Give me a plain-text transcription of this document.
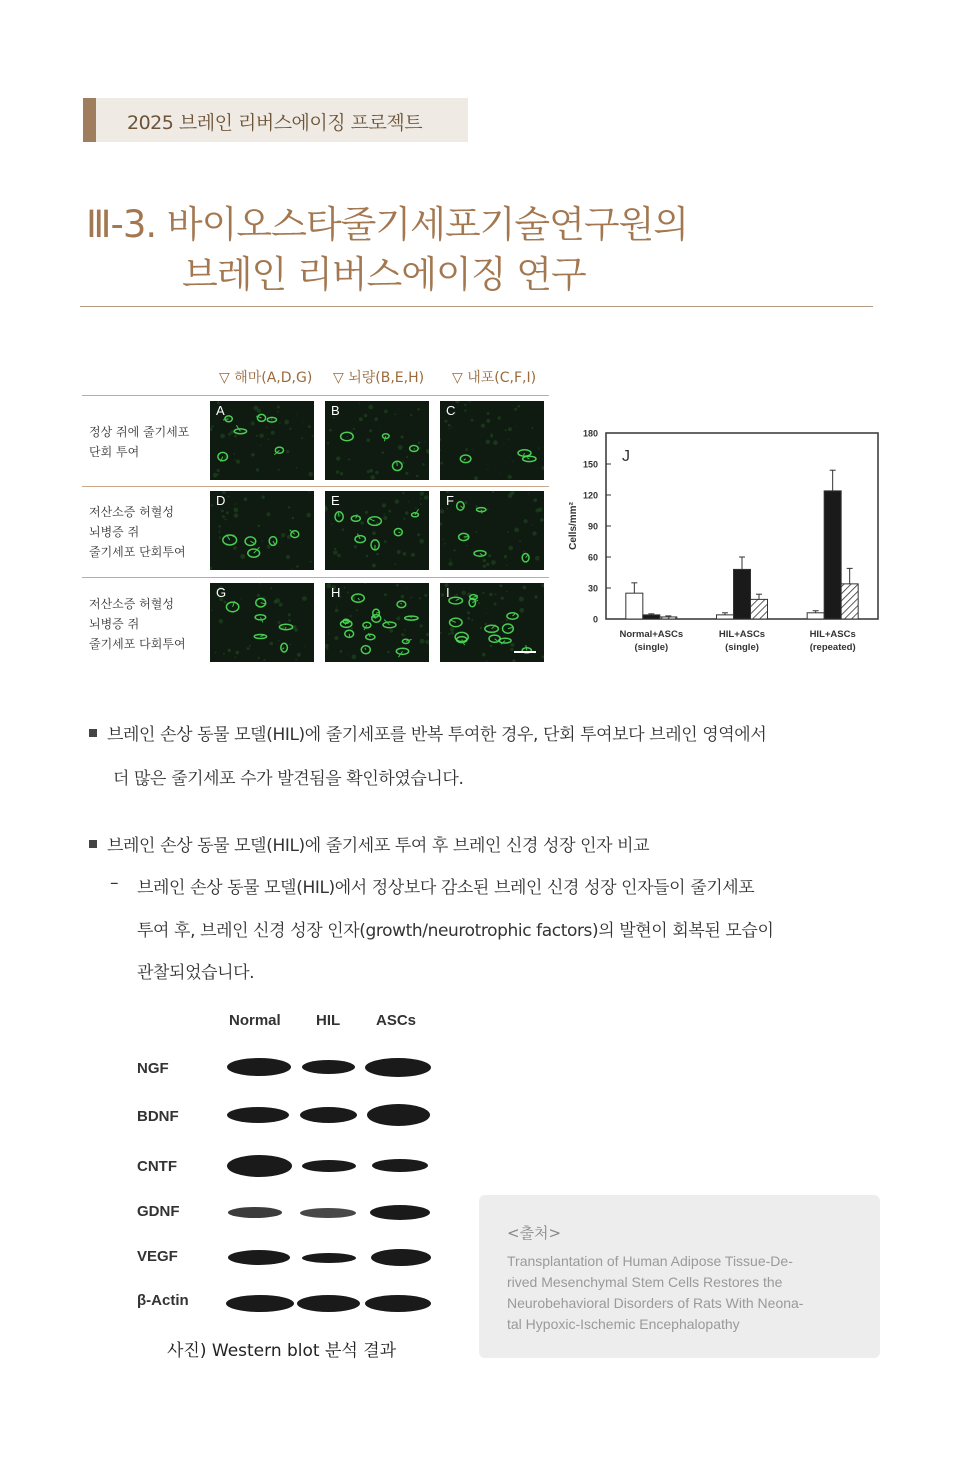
2025 브레인 리버스에이징 프로젝트
Ⅲ-3. 바이오스타줄기세포기술연구원의
브레인 리버스에이징 연구
▽ 해마(A,D,G) ▽ 뇌량(B,E,H) ▽ 내포(C,F,I)
정상 쥐에 줄기세포
단회 투여
저산소증 허혈성
뇌병증 쥐
줄기세포 단회투여
저산소증 허혈성
뇌병증 쥐
줄기세포 다회투여
A	B	C
D	E	F
G	H	I
0
30
60
90
120
150
180
Cells/mm²
J
Normal+ASCs
(single)
HIL+ASCs
(single)
HIL+ASCs
(repeated)
브레인 손상 동물 모델(HIL)에 줄기세포를 반복 투여한 경우, 단회 투여보다 브레인 영역에서
더 많은 줄기세포 수가 발견됨을 확인하였습니다.
브레인 손상 동물 모델(HIL)에 줄기세포 투여 후 브레인 신경 성장 인자 비교
– 브레인 손상 동물 모델(HIL)에서 정상보다 감소된 브레인 신경 성장 인자들이 줄기세포
투여 후, 브레인 신경 성장 인자(growth/neurotrophic factors)의 발현이 회복된 모습이
관찰되었습니다.
Normal HIL ASCs
NGF
BDNF
CNTF
GDNF
VEGF
β-Actin
사진) Western blot 분석 결과
<출처>
Transplantation of Human Adipose Tissue-De-
rived Mesenchymal Stem Cells Restores the
Neurobehavioral Disorders of Rats With Neona-
tal Hypoxic-Ischemic Encephalopathy
